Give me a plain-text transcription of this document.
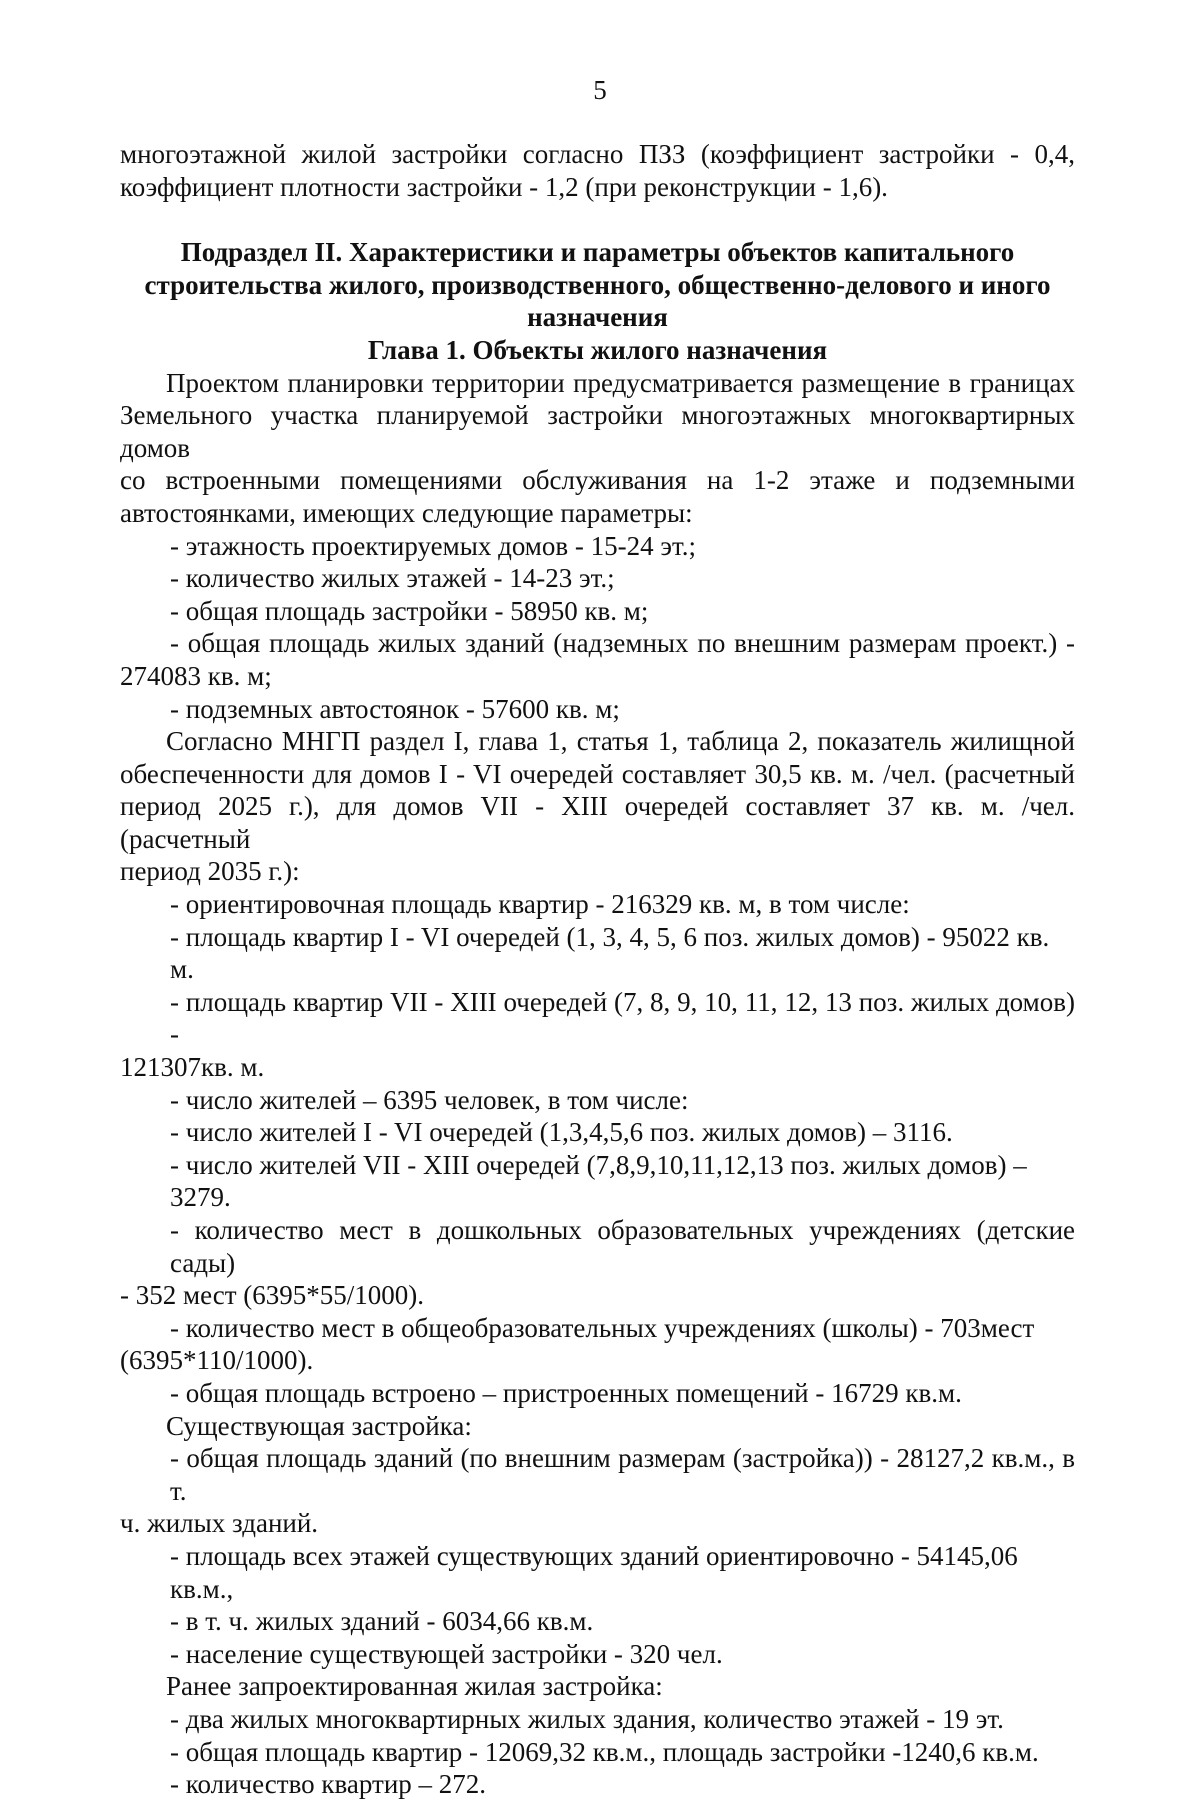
5

многоэтажной жилой застройки согласно ПЗЗ (коэффициент застройки - 0,4,

коэффициент плотности застройки - 1,2 (при реконструкции - 1,6).

Подраздел II. Характеристики и параметры объектов капитального

строительства жилого, производственного, общественно-делового и иного

назначения

Глава 1. Объекты жилого назначения

Проектом планировки территории предусматривается размещение в границах

Земельного участка планируемой застройки многоэтажных многоквартирных домов

со встроенными помещениями обслуживания на 1-2 этаже и подземными

автостоянками, имеющих следующие параметры:

- этажность проектируемых домов - 15-24 эт.;

- количество жилых этажей - 14-23 эт.;

- общая площадь застройки - 58950 кв. м;

- общая площадь жилых зданий (надземных по внешним размерам проект.) -

274083 кв. м;

- подземных автостоянок - 57600 кв. м;

Согласно МНГП раздел I, глава 1, статья 1, таблица 2, показатель жилищной

обеспеченности для домов I - VI очередей составляет 30,5 кв. м. /чел. (расчетный

период 2025 г.), для домов VII - XIII очередей составляет 37 кв. м. /чел. (расчетный

период 2035 г.):

- ориентировочная площадь квартир - 216329 кв. м, в том числе:

- площадь квартир I - VI очередей (1, 3, 4, 5, 6 поз. жилых домов) - 95022 кв. м.

- площадь квартир VII - XIII очередей (7, 8, 9, 10, 11, 12, 13 поз. жилых домов) -

121307кв. м.

- число жителей – 6395 человек, в том числе:

- число жителей I - VI очередей (1,3,4,5,6 поз. жилых домов) – 3116.

- число жителей VII - XIII очередей (7,8,9,10,11,12,13 поз. жилых домов) – 3279.

- количество мест в дошкольных образовательных учреждениях (детские сады)

- 352 мест (6395*55/1000).

- количество мест в общеобразовательных учреждениях (школы) - 703мест

(6395*110/1000).

- общая площадь встроено – пристроенных помещений - 16729 кв.м.

Существующая застройка:

- общая площадь зданий (по внешним размерам (застройка)) - 28127,2 кв.м., в т.

ч. жилых зданий.

- площадь всех этажей существующих зданий ориентировочно - 54145,06 кв.м.,

- в т. ч. жилых зданий - 6034,66 кв.м.

- население существующей застройки - 320 чел.

Ранее запроектированная жилая застройка:

- два жилых многоквартирных жилых здания, количество этажей - 19 эт.

- общая площадь квартир - 12069,32 кв.м., площадь застройки -1240,6 кв.м.

- количество квартир – 272.
